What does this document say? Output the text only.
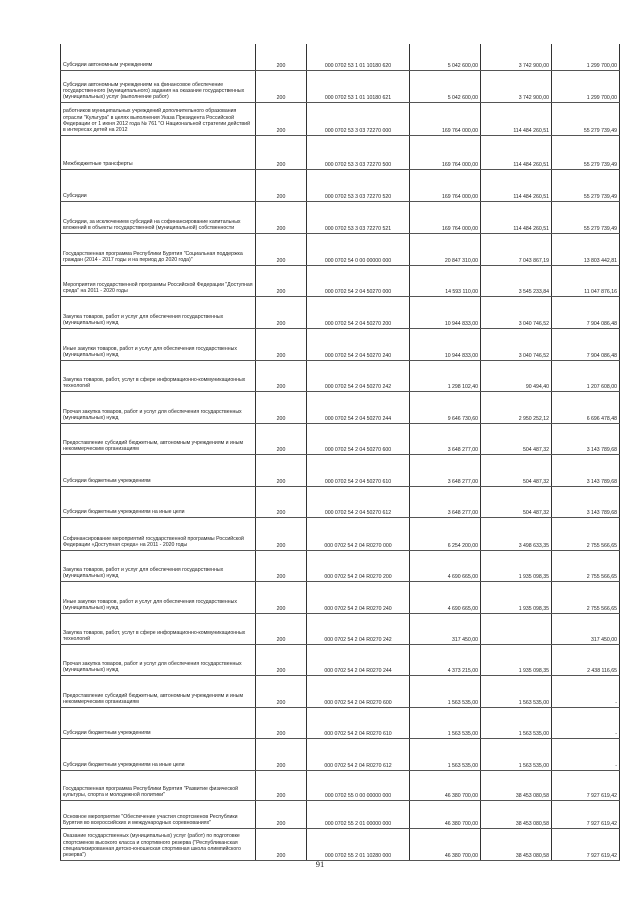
Субсидии автономным учреждениям	200	000 0702 53 1 01 10180 620	5 042 600,00	3 742 900,00	1 299 700,00
Субсидии автономным учреждениям на финансовое обеспечение государственного (муниципального) задания на оказание государственных (муниципальных) услуг (выполнение работ)	200	000 0702 53 1 01 10180 621	5 042 600,00	3 742 900,00	1 299 700,00
работников муниципальных учреждений дополнительного образования отрасли "Культура" в целях выполнения Указа Президента Российской Федерации от 1 июня 2012 года № 761 "О Национальной стратегии действий в интересах детей на 2012	200	000 0702 53 3 03 72270 000	169 764 000,00	114 484 260,51	55 279 739,49
Межбюджетные трансферты	200	000 0702 53 3 03 72270 500	169 764 000,00	114 484 260,51	55 279 739,49
Субсидии	200	000 0702 53 3 03 72270 520	169 764 000,00	114 484 260,51	55 279 739,49
Субсидии, за исключением субсидий на софинансирование капитальных вложений в объекты государственной (муниципальной) собственности	200	000 0702 53 3 03 72270 521	169 764 000,00	114 484 260,51	55 279 739,49
Государственная программа Республики Бурятия "Социальная поддержка граждан (2014 - 2017 годы и на период до 2020 года)"	200	000 0702 54 0 00 00000 000	20 847 310,00	7 043 867,19	13 803 442,81
Мероприятия государственной программы Российской Федерации "Доступная среда" на 2011 - 2020 годы	200	000 0702 54 2 04 50270 000	14 593 110,00	3 545 233,84	11 047 876,16
Закупка товаров, работ и услуг для обеспечения государственных (муниципальных) нужд	200	000 0702 54 2 04 50270 200	10 944 833,00	3 040 746,52	7 904 086,48
Иные закупки товаров, работ и услуг для обеспечения государственных (муниципальных) нужд	200	000 0702 54 2 04 50270 240	10 944 833,00	3 040 746,52	7 904 086,48
Закупка товаров, работ, услуг в сфере информационно-коммуникационных технологий	200	000 0702 54 2 04 50270 242	1 298 102,40	90 494,40	1 207 608,00
Прочая закупка товаров, работ и услуг для обеспечения государственных (муниципальных) нужд	200	000 0702 54 2 04 50270 244	9 646 730,60	2 950 252,12	6 696 478,48
Предоставление субсидий бюджетным, автономным учреждениям и иным некоммерческим организациям	200	000 0702 54 2 04 50270 600	3 648 277,00	504 487,32	3 143 789,68
Субсидии бюджетным учреждениям	200	000 0702 54 2 04 50270 610	3 648 277,00	504 487,32	3 143 789,68
Субсидии бюджетным учреждениям на иные цели	200	000 0702 54 2 04 50270 612	3 648 277,00	504 487,32	3 143 789,68
Софинансирование мероприятий государственной программы Российской Федерации «Доступная среда» на 2011 - 2020 годы	200	000 0702 54 2 04 R0270 000	6 254 200,00	3 498 633,35	2 755 566,65
Закупка товаров, работ и услуг для обеспечения государственных (муниципальных) нужд	200	000 0702 54 2 04 R0270 200	4 690 665,00	1 935 098,35	2 755 566,65
Иные закупки товаров, работ и услуг для обеспечения государственных (муниципальных) нужд	200	000 0702 54 2 04 R0270 240	4 690 665,00	1 935 098,35	2 755 566,65
Закупка товаров, работ, услуг в сфере информационно-коммуникационных технологий	200	000 0702 54 2 04 R0270 242	317 450,00		317 450,00
Прочая закупка товаров, работ и услуг для обеспечения государственных (муниципальных) нужд	200	000 0702 54 2 04 R0270 244	4 373 215,00	1 935 098,35	2 438 116,65
Предоставление субсидий бюджетным, автономным учреждениям и иным некоммерческим организациям	200	000 0702 54 2 04 R0270 600	1 563 535,00	1 563 535,00	-
Субсидии бюджетным учреждениям	200	000 0702 54 2 04 R0270 610	1 563 535,00	1 563 535,00	-
Субсидии бюджетным учреждениям на иные цели	200	000 0702 54 2 04 R0270 612	1 563 535,00	1 563 535,00	-
Государственная программа Республики Бурятия "Развитие физической культуры, спорта и молодежной политики"	200	000 0702 55 0 00 00000 000	46 380 700,00	38 453 080,58	7 927 619,42
Основное мероприятие "Обеспечение участия спортсменов Республики Бурятия во всероссийских и международных соревнованиях"	200	000 0702 55 2 01 00000 000	46 380 700,00	38 453 080,58	7 927 619,42
Оказание государственных (муниципальных) услуг (работ) по подготовке спортсменов высокого класса и спортивного резерва ("Республиканская специализированная детско-юношеская спортивная школа олимпийского резерва")	200	000 0702 55 2 01 10280 000	46 380 700,00	38 453 080,58	7 927 619,42
91
